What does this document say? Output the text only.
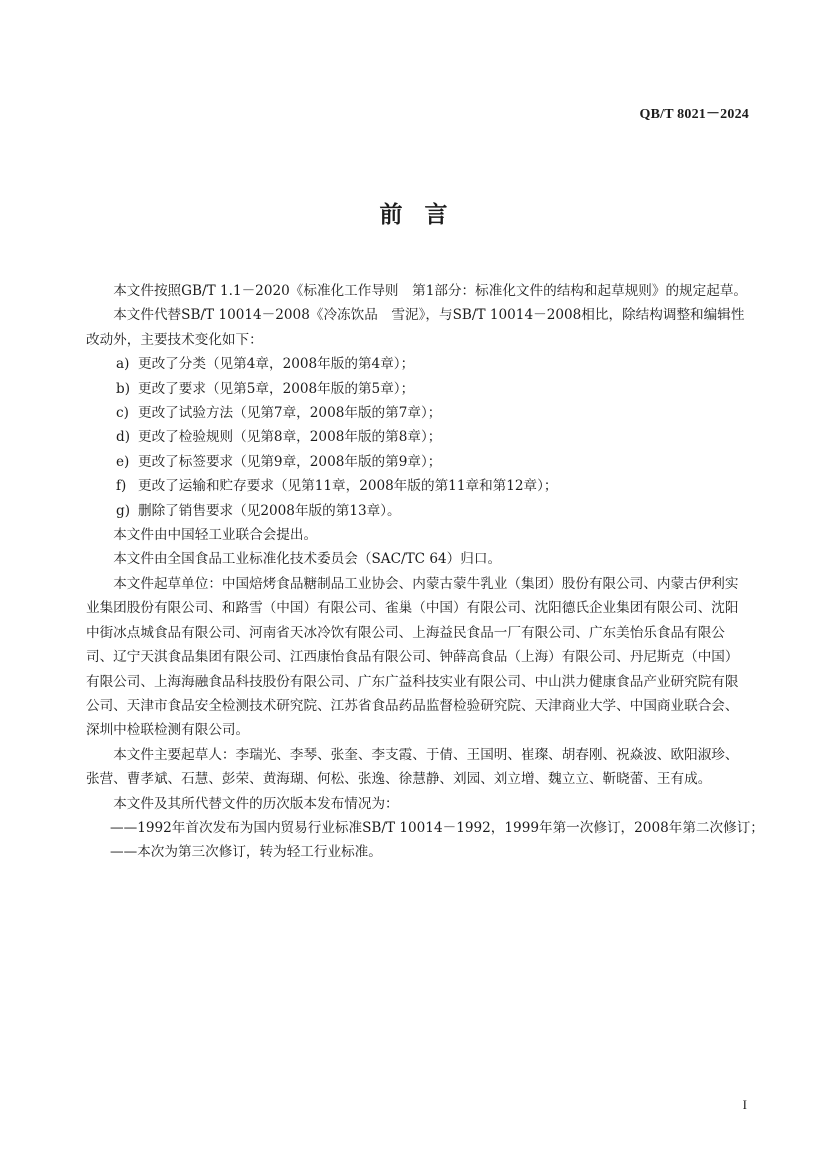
QB/T 8021－2024
前言

本文件按照GB/T 1.1－2020《标准化工作导则　第1部分：标准化文件的结构和起草规则》的规定起草。

本文件代替SB/T 10014－2008《冷冻饮品　雪泥》，与SB/T 10014－2008相比，除结构调整和编辑性改动外，主要技术变化如下：

a) 更改了分类（见第4章，2008年版的第4章）；

b) 更改了要求（见第5章，2008年版的第5章）；

c) 更改了试验方法（见第7章，2008年版的第7章）；

d) 更改了检验规则（见第8章，2008年版的第8章）；

e) 更改了标签要求（见第9章，2008年版的第9章）；

f) 更改了运输和贮存要求（见第11章，2008年版的第11章和第12章）；

g) 删除了销售要求（见2008年版的第13章）。

本文件由中国轻工业联合会提出。

本文件由全国食品工业标准化技术委员会（SAC/TC 64）归口。

本文件起草单位：中国焙烤食品糖制品工业协会、内蒙古蒙牛乳业（集团）股份有限公司、内蒙古伊利实业集团股份有限公司、和路雪（中国）有限公司、雀巢（中国）有限公司、沈阳德氏企业集团有限公司、沈阳中街冰点城食品有限公司、河南省天冰冷饮有限公司、上海益民食品一厂有限公司、广东美怡乐食品有限公司、辽宁天淇食品集团有限公司、江西康怡食品有限公司、钟薛高食品（上海）有限公司、丹尼斯克（中国）有限公司、上海海融食品科技股份有限公司、广东广益科技实业有限公司、中山洪力健康食品产业研究院有限公司、天津市食品安全检测技术研究院、江苏省食品药品监督检验研究院、天津商业大学、中国商业联合会、深圳中检联检测有限公司。

本文件主要起草人：李瑞光、李琴、张奎、李支霞、于倩、王国明、崔璨、胡春刚、祝焱波、欧阳淑珍、张营、曹孝斌、石慧、彭荣、黄海瑚、何松、张逸、徐慧静、刘园、刘立增、魏立立、靳晓蕾、王有成。

本文件及其所代替文件的历次版本发布情况为：

——1992年首次发布为国内贸易行业标准SB/T 10014－1992，1999年第一次修订，2008年第二次修订；

——本次为第三次修订，转为轻工行业标准。

I
